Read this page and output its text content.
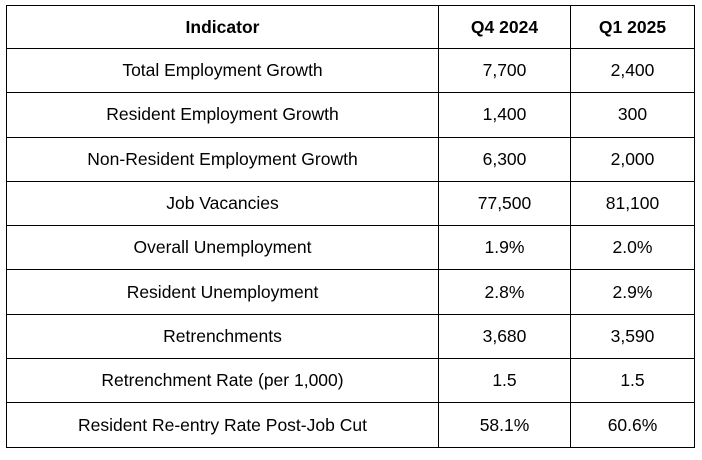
Indicator	Q4 2024	Q1 2025
Total Employment Growth	7,700	2,400
Resident Employment Growth	1,400	300
Non-Resident Employment Growth	6,300	2,000
Job Vacancies	77,500	81,100
Overall Unemployment	1.9%	2.0%
Resident Unemployment	2.8%	2.9%
Retrenchments	3,680	3,590
Retrenchment Rate (per 1,000)	1.5	1.5
Resident Re-entry Rate Post-Job Cut	58.1%	60.6%
